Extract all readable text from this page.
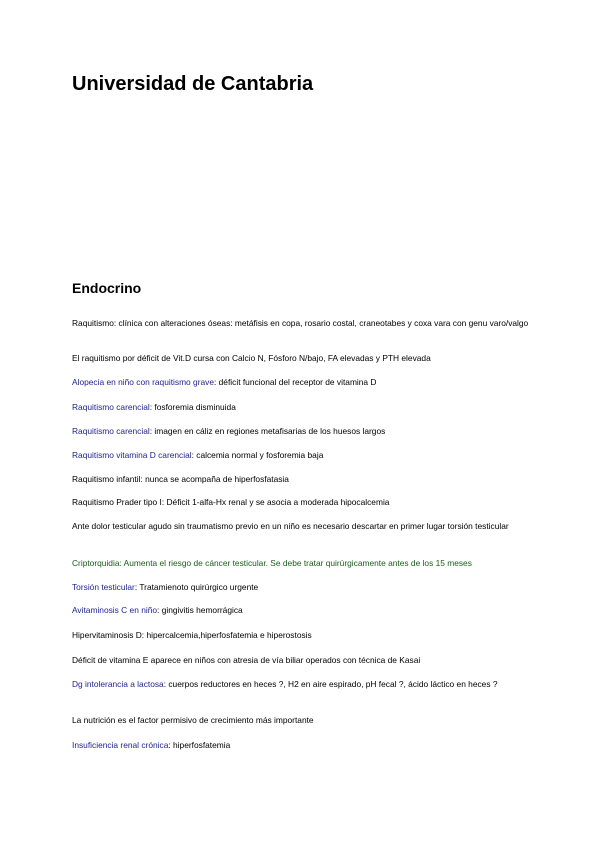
Universidad de Cantabria
Endocrino

Raquitismo: clínica con alteraciones óseas: metáfisis en copa, rosario costal, craneotabes y coxa vara con genu varo/valgo

El raquitismo por déficit de Vit.D cursa con Calcio N, Fósforo N/bajo, FA elevadas y PTH elevada

Alopecia en niño con raquitismo grave: déficit funcional del receptor de vitamina D

Raquitismo carencial: fosforemia disminuida

Raquitismo carencial: imagen en cáliz en regiones metafisarias de los huesos largos

Raquitismo vitamina D carencial: calcemia normal y fosforemia baja

Raquitismo infantil: nunca se acompaña de hiperfosfatasia

Raquitismo Prader tipo I: Déficit 1-alfa-Hx renal y se asocia a moderada hipocalcemia

Ante dolor testicular agudo sin traumatismo previo en un niño es necesario descartar en primer lugar torsión testicular

Criptorquidia: Aumenta el riesgo de cáncer testicular. Se debe tratar quirúrgicamente antes de los 15 meses

Torsión testicular: Tratamienoto quirúrgico urgente

Avitaminosis C en niño: gingivitis hemorrágica

Hipervitaminosis D: hipercalcemia,hiperfosfatemia e hiperostosis

Déficit de vitamina E aparece en niños con atresia de vía biliar operados con técnica de Kasai

Dg intolerancia a lactosa: cuerpos reductores en heces ?, H2 en aire espirado, pH fecal ?, ácido láctico en heces ?

La nutrición es el factor permisivo de crecimiento más importante

Insuficiencia renal crónica: hiperfosfatemia
